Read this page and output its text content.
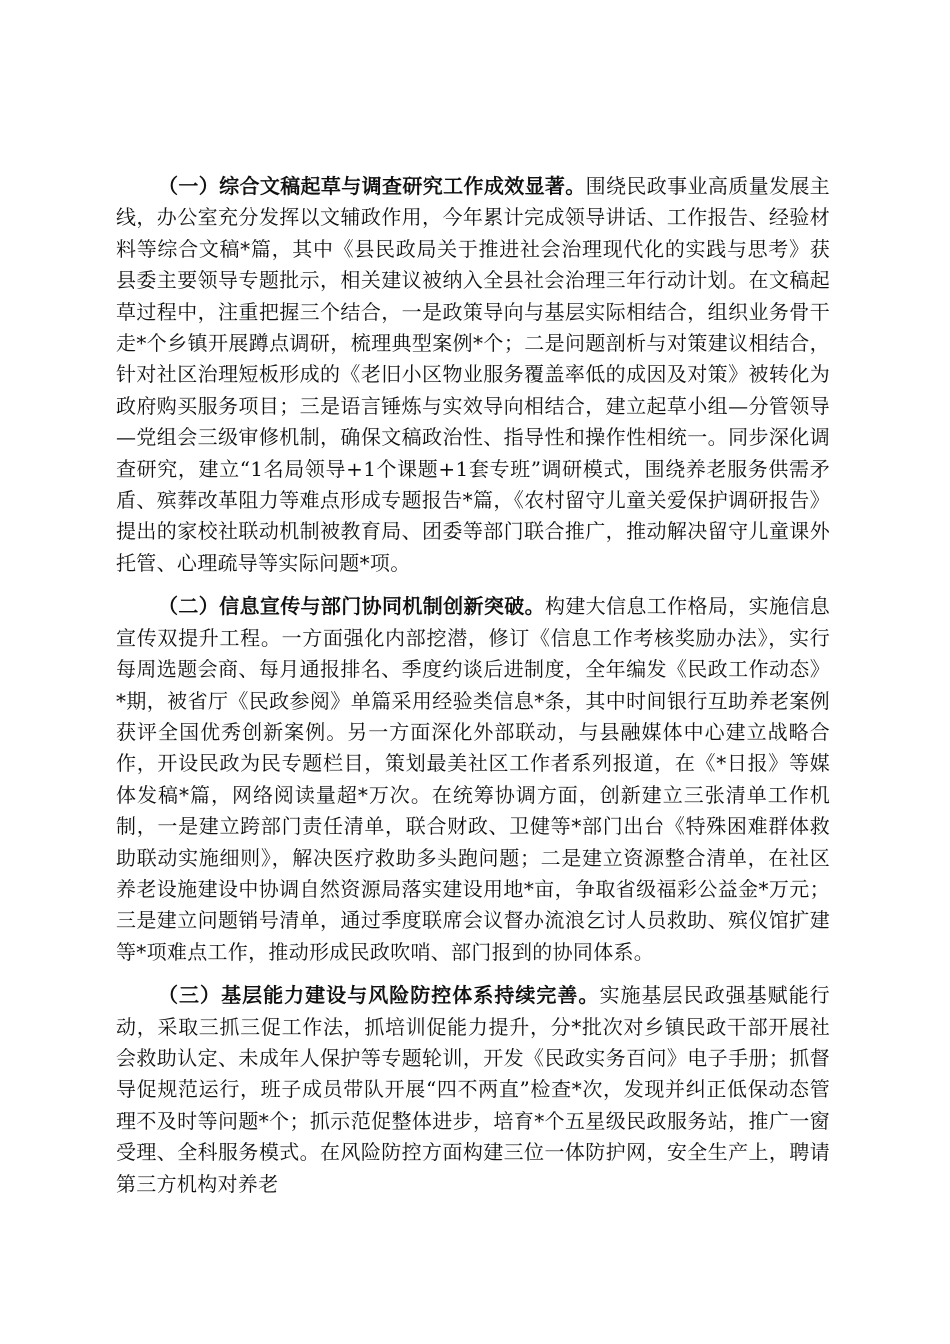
（一）综合文稿起草与调查研究工作成效显著。围绕民政事业高质量发展主线，办公室充分发挥以文辅政作用，今年累计完成领导讲话、工作报告、经验材料等综合文稿*篇，其中《县民政局关于推进社会治理现代化的实践与思考》获县委主要领导专题批示，相关建议被纳入全县社会治理三年行动计划。在文稿起草过程中，注重把握三个结合，一是政策导向与基层实际相结合，组织业务骨干走*个乡镇开展蹲点调研，梳理典型案例*个；二是问题剖析与对策建议相结合，针对社区治理短板形成的《老旧小区物业服务覆盖率低的成因及对策》被转化为政府购买服务项目；三是语言锤炼与实效导向相结合，建立起草小组—分管领导—党组会三级审修机制，确保文稿政治性、指导性和操作性相统一。同步深化调查研究，建立“1名局领导+1个课题+1套专班”调研模式，围绕养老服务供需矛盾、殡葬改革阻力等难点形成专题报告*篇，《农村留守儿童关爱保护调研报告》提出的家校社联动机制被教育局、团委等部门联合推广，推动解决留守儿童课外托管、心理疏导等实际问题*项。

（二）信息宣传与部门协同机制创新突破。构建大信息工作格局，实施信息宣传双提升工程。一方面强化内部挖潜，修订《信息工作考核奖励办法》，实行每周选题会商、每月通报排名、季度约谈后进制度，全年编发《民政工作动态》*期，被省厅《民政参阅》单篇采用经验类信息*条，其中时间银行互助养老案例获评全国优秀创新案例。另一方面深化外部联动，与县融媒体中心建立战略合作，开设民政为民专题栏目，策划最美社区工作者系列报道，在《*日报》等媒体发稿*篇，网络阅读量超*万次。在统筹协调方面，创新建立三张清单工作机制，一是建立跨部门责任清单，联合财政、卫健等*部门出台《特殊困难群体救助联动实施细则》，解决医疗救助多头跑问题；二是建立资源整合清单，在社区养老设施建设中协调自然资源局落实建设用地*亩，争取省级福彩公益金*万元；三是建立问题销号清单，通过季度联席会议督办流浪乞讨人员救助、殡仪馆扩建等*项难点工作，推动形成民政吹哨、部门报到的协同体系。

（三）基层能力建设与风险防控体系持续完善。实施基层民政强基赋能行动，采取三抓三促工作法，抓培训促能力提升，分*批次对乡镇民政干部开展社会救助认定、未成年人保护等专题轮训，开发《民政实务百问》电子手册；抓督导促规范运行，班子成员带队开展“四不两直”检查*次，发现并纠正低保动态管理不及时等问题*个；抓示范促整体进步，培育*个五星级民政服务站，推广一窗受理、全科服务模式。在风险防控方面构建三位一体防护网，安全生产上，聘请第三方机构对养老
